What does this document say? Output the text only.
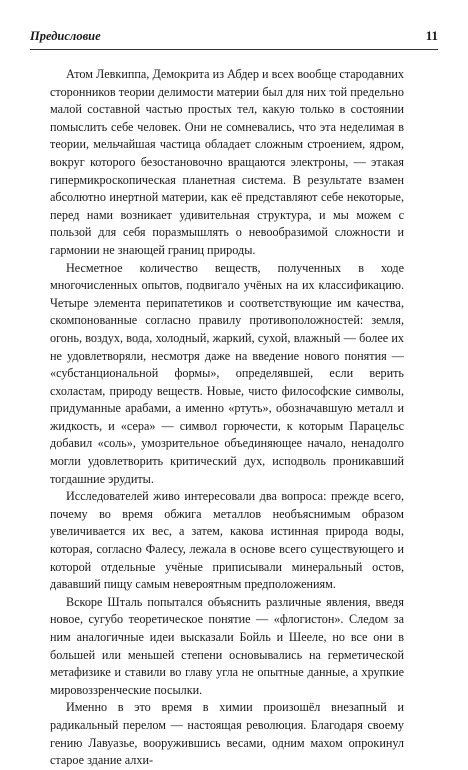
Предисловие	11

Атом Левкиппа, Демокрита из Абдер и всех вообще стародавних сторонников теории делимости материи был для них той предельно малой составной частью простых тел, какую только в состоянии помыслить себе человек. Они не сомневались, что эта неделимая в теории, мельчайшая частица обладает сложным строением, ядром, вокруг которого безостановочно вращаются электроны, — этакая гипермикроскопическая планетная система. В результате взамен абсолютно инертной материи, как её представляют себе некоторые, перед нами возникает удивительная структура, и мы можем с пользой для себя поразмышлять о невообразимой сложности и гармонии не знающей границ природы.

Несметное количество веществ, полученных в ходе многочисленных опытов, подвигало учёных на их классификацию. Четыре элемента перипатетиков и соответствующие им качества, скомпонованные согласно правилу противоположностей: земля, огонь, воздух, вода, холодный, жаркий, сухой, влажный — более их не удовлетворяли, несмотря даже на введение нового понятия — «субстанциональной формы», определявшей, если верить схоластам, природу веществ. Новые, чисто философские символы, придуманные арабами, а именно «ртуть», обозначавшую металл и жидкость, и «сера» — символ горючести, к которым Парацельс добавил «соль», умозрительное объединяющее начало, ненадолго могли удовлетворить критический дух, исподволь проникавший тогдашние эрудиты.

Исследователей живо интересовали два вопроса: прежде всего, почему во время обжига металлов необъяснимым образом увеличивается их вес, а затем, какова истинная природа воды, которая, согласно Фалесу, лежала в основе всего существующего и которой отдельные учёные приписывали минеральный остов, дававший пищу самым невероятным предположениям.

Вскоре Шталь попытался объяснить различные явления, введя новое, сугубо теоретическое понятие — «флогистон». Следом за ним аналогичные идеи высказали Бойль и Шееле, но все они в большей или меньшей степени основывались на герметической метафизике и ставили во главу угла не опытные данные, а хрупкие мировоззренческие посылки.

Именно в это время в химии произошёл внезапный и радикальный перелом — настоящая революция. Благодаря своему гению Лавуазье, вооружившись весами, одним махом опрокинул старое здание алхи-
